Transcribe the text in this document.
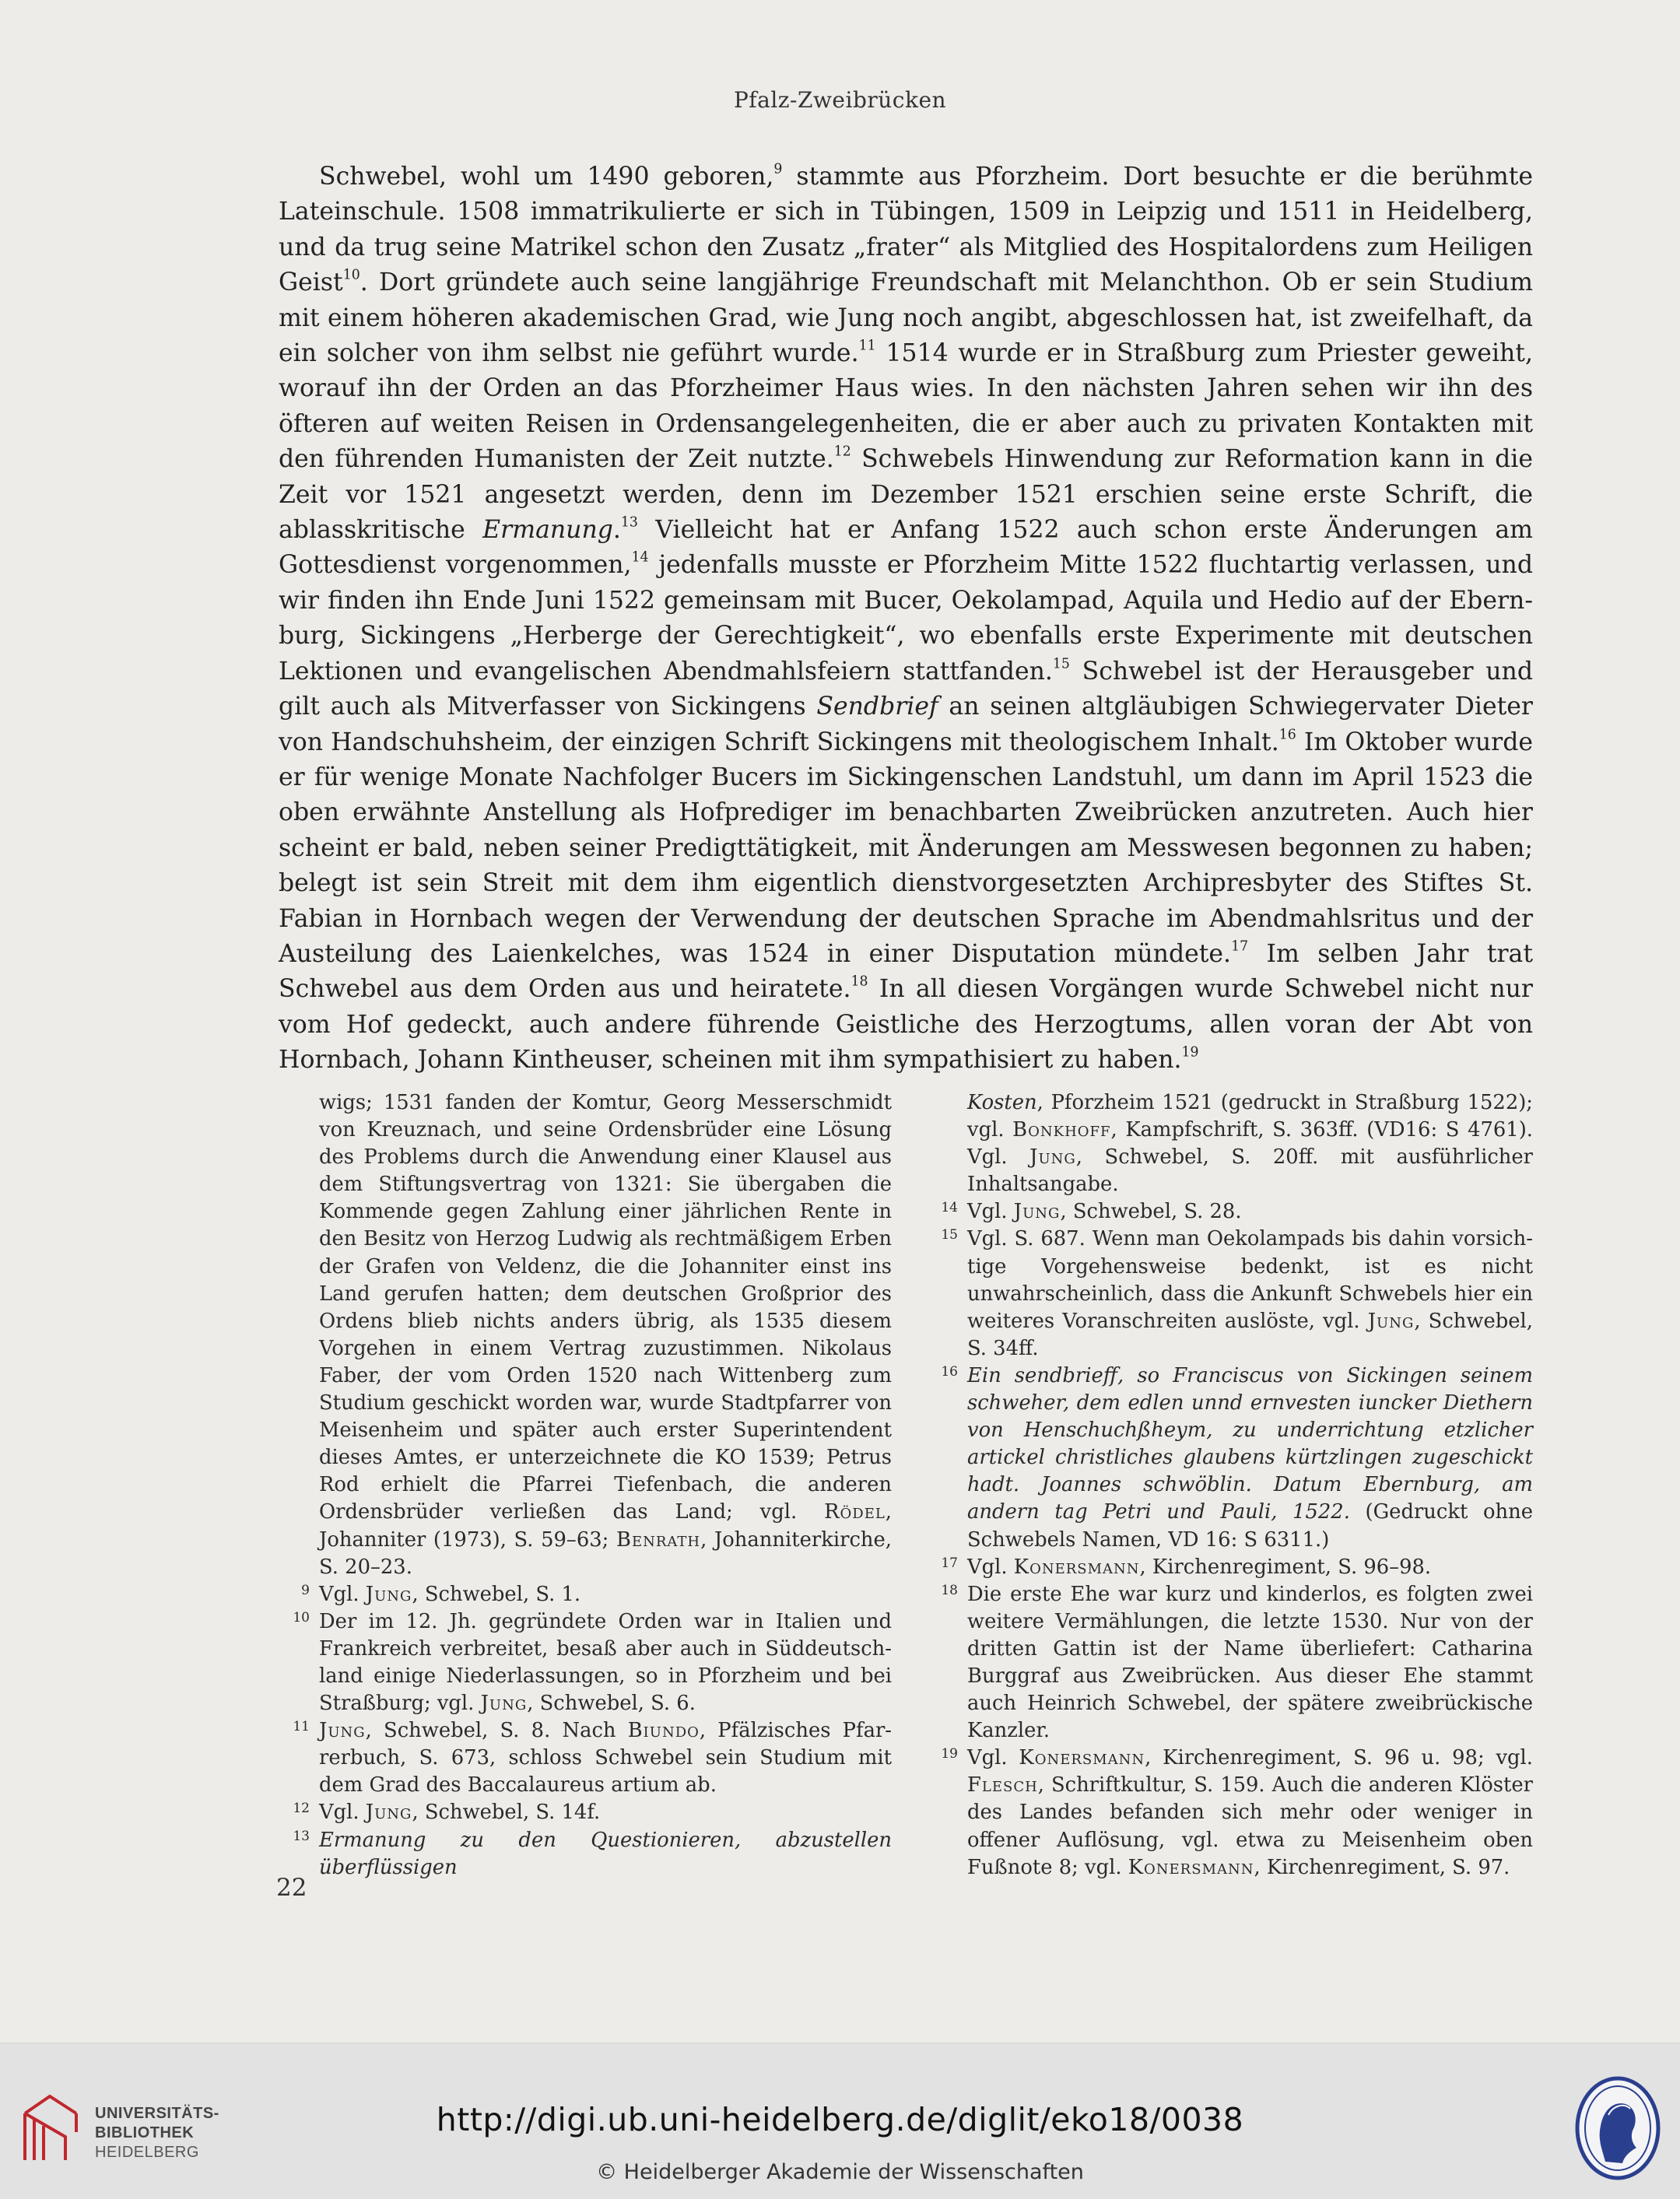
Pfalz-Zweibrücken

Schwebel, wohl um 1490 geboren,$^9$ stammte aus Pforzheim. Dort besuchte er die berühmte Lateinschule. 1508 immatrikulierte er sich in Tübingen, 1509 in Leipzig und 1511 in Heidelberg, und da trug seine Matrikel schon den Zusatz „frater“ als Mitglied des Hospitalordens zum Heiligen Geist$^{10}$. Dort gründete auch seine langjährige Freundschaft mit Melanchthon. Ob er sein Studium mit einem höheren akademischen Grad, wie Jung noch angibt, abgeschlossen hat, ist zweifelhaft, da ein solcher von ihm selbst nie geführt wurde.$^{11}$ 1514 wurde er in Straßburg zum Priester geweiht, worauf ihn der Orden an das Pforzheimer Haus wies. In den nächsten Jahren sehen wir ihn des öfteren auf weiten Reisen in Ordensangelegenheiten, die er aber auch zu privaten Kontakten mit den führenden Humanisten der Zeit nutzte.$^{12}$ Schwebels Hinwendung zur Reformation kann in die Zeit vor 1521 angesetzt werden, denn im Dezember 1521 erschien seine erste Schrift, die ablasskritische Ermanung.$^{13}$ Vielleicht hat er Anfang 1522 auch schon erste Änderungen am Gottesdienst vorgenommen,$^{14}$ jedenfalls musste er Pforzheim Mitte 1522 fluchtartig verlassen, und wir finden ihn Ende Juni 1522 gemeinsam mit Bucer, Oekolampad, Aquila und Hedio auf der Ebernburg, Sickingens „Herberge der Gerechtigkeit“, wo ebenfalls erste Experimente mit deutschen Lektionen und evangelischen Abendmahlsfeiern stattfanden.$^{15}$ Schwebel ist der Herausgeber und gilt auch als Mitverfasser von Sickingens Sendbrief an seinen altgläubigen Schwiegervater Dieter von Handschuhsheim, der einzigen Schrift Sickingens mit theologischem Inhalt.$^{16}$ Im Oktober wurde er für wenige Monate Nachfolger Bucers im Sickingenschen Landstuhl, um dann im April 1523 die oben erwähnte Anstellung als Hofprediger im benachbarten Zweibrücken anzutreten. Auch hier scheint er bald, neben seiner Predigttätigkeit, mit Änderungen am Messwesen begonnen zu haben; belegt ist sein Streit mit dem ihm eigentlich dienstvorgesetzten Archipresbyter des Stiftes St. Fabian in Hornbach wegen der Verwendung der deutschen Sprache im Abendmahlsritus und der Austeilung des Laienkelches, was 1524 in einer Disputation mündete.$^{17}$ Im selben Jahr trat Schwebel aus dem Orden aus und heiratete.$^{18}$ In all diesen Vorgängen wurde Schwebel nicht nur vom Hof gedeckt, auch andere führende Geistliche des Herzogtums, allen voran der Abt von Hornbach, Johann Kintheuser, scheinen mit ihm sympathisiert zu haben.$^{19}$

wigs; 1531 fanden der Komtur, Georg Messerschmidt von Kreuznach, und seine Ordensbrüder eine Lösung des Problems durch die Anwendung einer Klausel aus dem Stiftungsvertrag von 1321: Sie übergaben die Kommende gegen Zahlung einer jährlichen Rente in den Besitz von Herzog Ludwig als rechtmäßigem Erben der Grafen von Veldenz, die die Johanniter einst ins Land gerufen hatten; dem deutschen Großprior des Ordens blieb nichts anders übrig, als 1535 diesem Vorgehen in einem Vertrag zuzustimmen. Nikolaus Faber, der vom Orden 1520 nach Wittenberg zum Studium geschickt worden war, wurde Stadtpfarrer von Meisenheim und später auch erster Superintendent dieses Amtes, er unterzeichnete die KO 1539; Petrus Rod erhielt die Pfarrei Tiefenbach, die anderen Ordensbrüder verließen das Land; vgl. Rödel, Johanniter (1973), S. 59–63; Benrath, Johanniterkirche, S. 20–23.

9 Vgl. Jung, Schwebel, S. 1.

10 Der im 12. Jh. gegründete Orden war in Italien und Frankreich verbreitet, besaß aber auch in Süddeutschland einige Niederlassungen, so in Pforzheim und bei Straßburg; vgl. Jung, Schwebel, S. 6.

11 Jung, Schwebel, S. 8. Nach Biundo, Pfälzisches Pfarrerbuch, S. 673, schloss Schwebel sein Studium mit dem Grad des Baccalaureus artium ab.

12 Vgl. Jung, Schwebel, S. 14f.

13 Ermanung zu den Questionieren, abzustellen überflüssigen

Kosten, Pforzheim 1521 (gedruckt in Straßburg 1522); vgl. Bonkhoff, Kampfschrift, S. 363ff. (VD16: S 4761). Vgl. Jung, Schwebel, S. 20ff. mit ausführlicher Inhaltsangabe.

14 Vgl. Jung, Schwebel, S. 28.

15 Vgl. S. 687. Wenn man Oekolampads bis dahin vorsichtige Vorgehensweise bedenkt, ist es nicht unwahrscheinlich, dass die Ankunft Schwebels hier ein weiteres Voranschreiten auslöste, vgl. Jung, Schwebel, S. 34ff.

16 Ein sendbrieff, so Franciscus von Sickingen seinem schweher, dem edlen unnd ernvesten iuncker Diethern von Henschuchßheym, zu underrichtung etzlicher artickel christliches glaubens kürtzlingen zugeschickt hadt. Joannes schwöblin. Datum Ebernburg, am andern tag Petri und Pauli, 1522. (Gedruckt ohne Schwebels Namen, VD 16: S 6311.)

17 Vgl. Konersmann, Kirchenregiment, S. 96–98.

18 Die erste Ehe war kurz und kinderlos, es folgten zwei weitere Vermählungen, die letzte 1530. Nur von der dritten Gattin ist der Name überliefert: Catharina Burggraf aus Zweibrücken. Aus dieser Ehe stammt auch Heinrich Schwebel, der spätere zweibrückische Kanzler.

19 Vgl. Konersmann, Kirchenregiment, S. 96 u. 98; vgl. Flesch, Schriftkultur, S. 159. Auch die anderen Klöster des Landes befanden sich mehr oder weniger in offener Auflösung, vgl. etwa zu Meisenheim oben Fußnote 8; vgl. Konersmann, Kirchenregiment, S. 97.

22
UNIVERSITÄTS-
BIBLIOTHEK
HEIDELBERG
http://digi.ub.uni-heidelberg.de/diglit/eko18/0038
© Heidelberger Akademie der Wissenschaften
